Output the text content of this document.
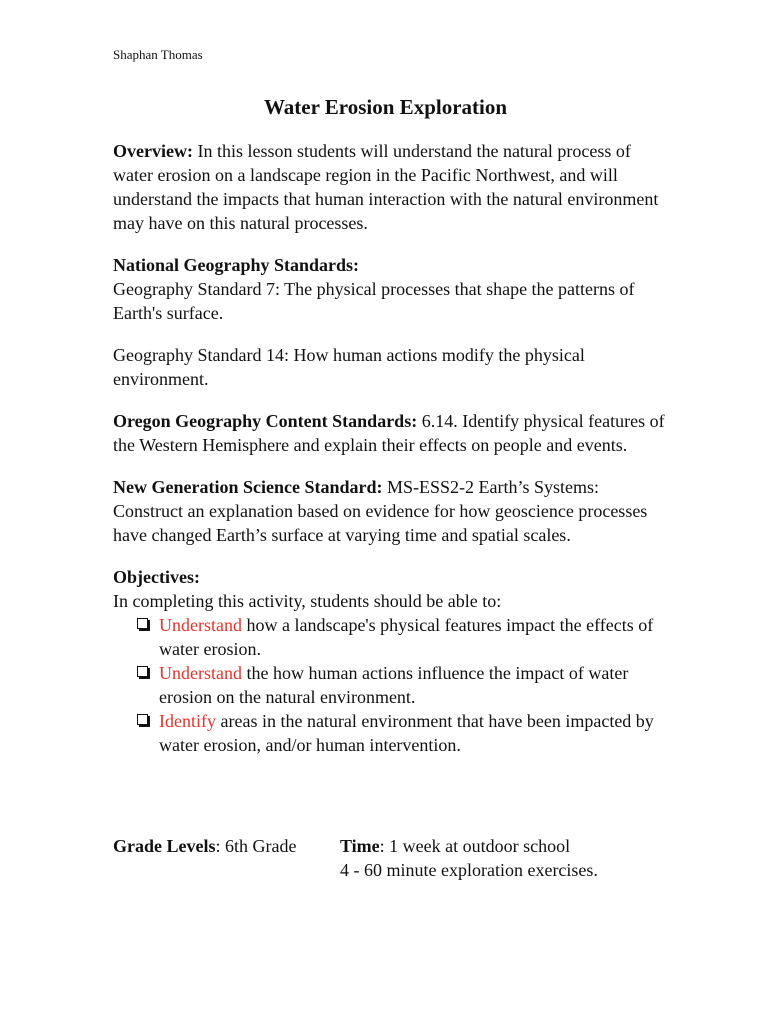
Shaphan Thomas
Water Erosion Exploration

Overview: In this lesson students will understand the natural process of water erosion on a landscape region in the Pacific Northwest, and will understand the impacts that human interaction with the natural environment may have on this natural processes.

National Geography Standards:
Geography Standard 7: The physical processes that shape the patterns of Earth's surface.

Geography Standard 14: How human actions modify the physical environment.

Oregon Geography Content Standards: 6.14. Identify physical features of the Western Hemisphere and explain their effects on people and events.

New Generation Science Standard: MS-ESS2-2 Earth’s Systems: Construct an explanation based on evidence for how geoscience processes have changed Earth’s surface at varying time and spatial scales.

Objectives:
In completing this activity, students should be able to:
Understand how a landscape's physical features impact the effects of water erosion.
Understand the how human actions influence the impact of water erosion on the natural environment.
Identify areas in the natural environment that have been impacted by water erosion, and/or human intervention.
Grade Levels: 6th Grade Time: 1 week at outdoor school
4 - 60 minute exploration exercises.
